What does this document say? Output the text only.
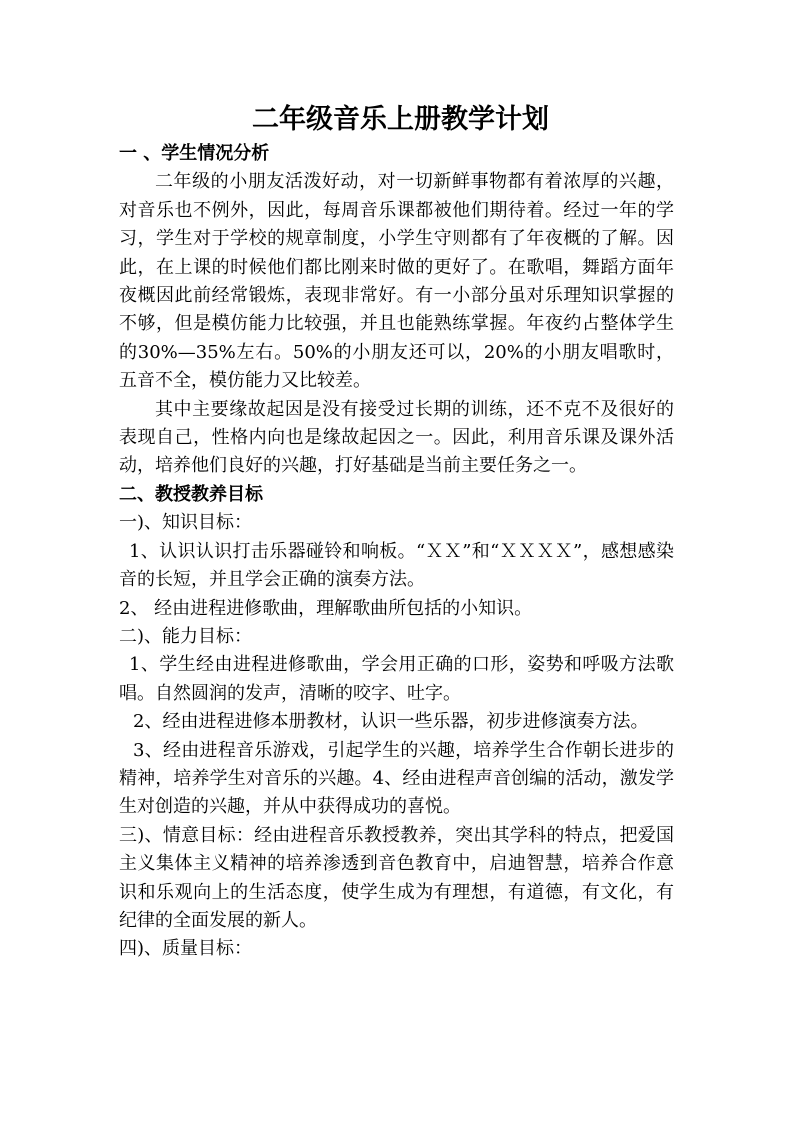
二年级音乐上册教学计划

一 、学生情况分析

二年级的小朋友活泼好动，对一切新鲜事物都有着浓厚的兴趣，对音乐也不例外，因此，每周音乐课都被他们期待着。经过一年的学习，学生对于学校的规章制度，小学生守则都有了年夜概的了解。因此，在上课的时候他们都比刚来时做的更好了。在歌唱，舞蹈方面年夜概因此前经常锻炼，表现非常好。有一小部分虽对乐理知识掌握的不够，但是模仿能力比较强，并且也能熟练掌握。年夜约占整体学生的30%—35%左右。50%的小朋友还可以，20%的小朋友唱歌时，五音不全，模仿能力又比较差。

其中主要缘故起因是没有接受过长期的训练，还不克不及很好的表现自己，性格内向也是缘故起因之一。因此，利用音乐课及课外活动，培养他们良好的兴趣，打好基础是当前主要任务之一。

二、教授教养目标

一)、知识目标：

1、认识认识打击乐器碰铃和响板。“ＸＸ”和“ＸＸＸＸ”，感想感染音的长短，并且学会正确的演奏方法。

2、 经由进程进修歌曲，理解歌曲所包括的小知识。

二)、能力目标：

1、学生经由进程进修歌曲，学会用正确的口形，姿势和呼吸方法歌唱。自然圆润的发声，清晰的咬字、吐字。

2、经由进程进修本册教材，认识一些乐器，初步进修演奏方法。

3、经由进程音乐游戏，引起学生的兴趣，培养学生合作朝长进步的精神，培养学生对音乐的兴趣。4、经由进程声音创编的活动，激发学生对创造的兴趣，并从中获得成功的喜悦。

三)、情意目标：经由进程音乐教授教养，突出其学科的特点，把爱国主义集体主义精神的培养渗透到音色教育中，启迪智慧，培养合作意识和乐观向上的生活态度，使学生成为有理想，有道德，有文化，有纪律的全面发展的新人。

四)、质量目标：
